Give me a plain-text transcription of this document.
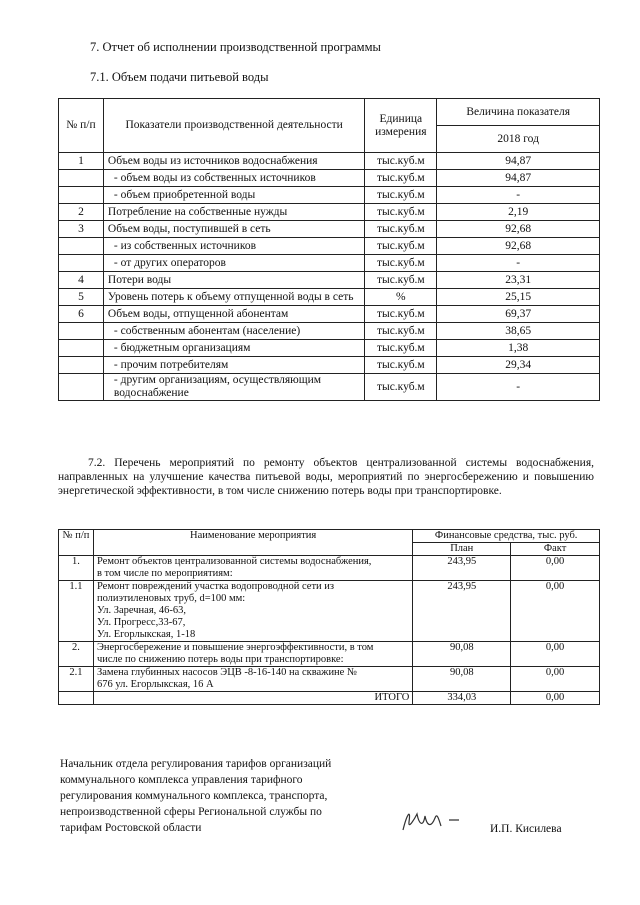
7. Отчет об исполнении производственной программы
7.1. Объем подачи питьевой воды
№ п/п	Показатели производственной деятельности	Единица измерения	Величина показателя
			2018 год
1	Объем воды из источников водоснабжения	тыс.куб.м	94,87
	- объем воды из собственных источников	тыс.куб.м	94,87
	- объем приобретенной воды	тыс.куб.м	-
2	Потребление на собственные нужды	тыс.куб.м	2,19
3	Объем воды, поступившей в сеть	тыс.куб.м	92,68
	- из собственных источников	тыс.куб.м	92,68
	- от других операторов	тыс.куб.м	-
4	Потери воды	тыс.куб.м	23,31
5	Уровень потерь к объему отпущенной воды в сеть	%	25,15
6	Объем воды, отпущенной абонентам	тыс.куб.м	69,37
	- собственным абонентам (население)	тыс.куб.м	38,65
	- бюджетным организациям	тыс.куб.м	1,38
	- прочим потребителям	тыс.куб.м	29,34
	- другим организациям, осуществляющим водоснабжение	тыс.куб.м	-
7.2. Перечень мероприятий по ремонту объектов централизованной системы водоснабжения, направленных на улучшение качества питьевой воды, мероприятий по энергосбережению и повышению энергетической эффективности, в том числе снижению потерь воды при транспортировке.
№ п/п	Наименование мероприятия	Финансовые средства, тыс. руб.	
		План	Факт
1.	Ремонт объектов централизованной системы водоснабжения,
в том числе по мероприятиям:	243,95	0,00
1.1	Ремонт повреждений участка водопроводной сети из
полиэтиленовых труб, d=100 мм:
Ул. Заречная, 46-63,
Ул. Прогресс,33-67,
Ул. Егорлыкская, 1-18	243,95	0,00
2.	Энергосбережение и повышение энергоэффективности, в том
числе по снижению потерь воды при транспортировке:	90,08	0,00
2.1	Замена глубинных насосов ЭЦВ -8-16-140 на скважине №
676 ул. Егорлыкская, 16 А	90,08	0,00
	ИТОГО	334,03	0,00
Начальник отдела регулирования тарифов организаций
коммунального комплекса управления тарифного
регулирования коммунального комплекса, транспорта,
непроизводственной сферы Региональной службы по
тарифам Ростовской области	И.П. Кисилева
